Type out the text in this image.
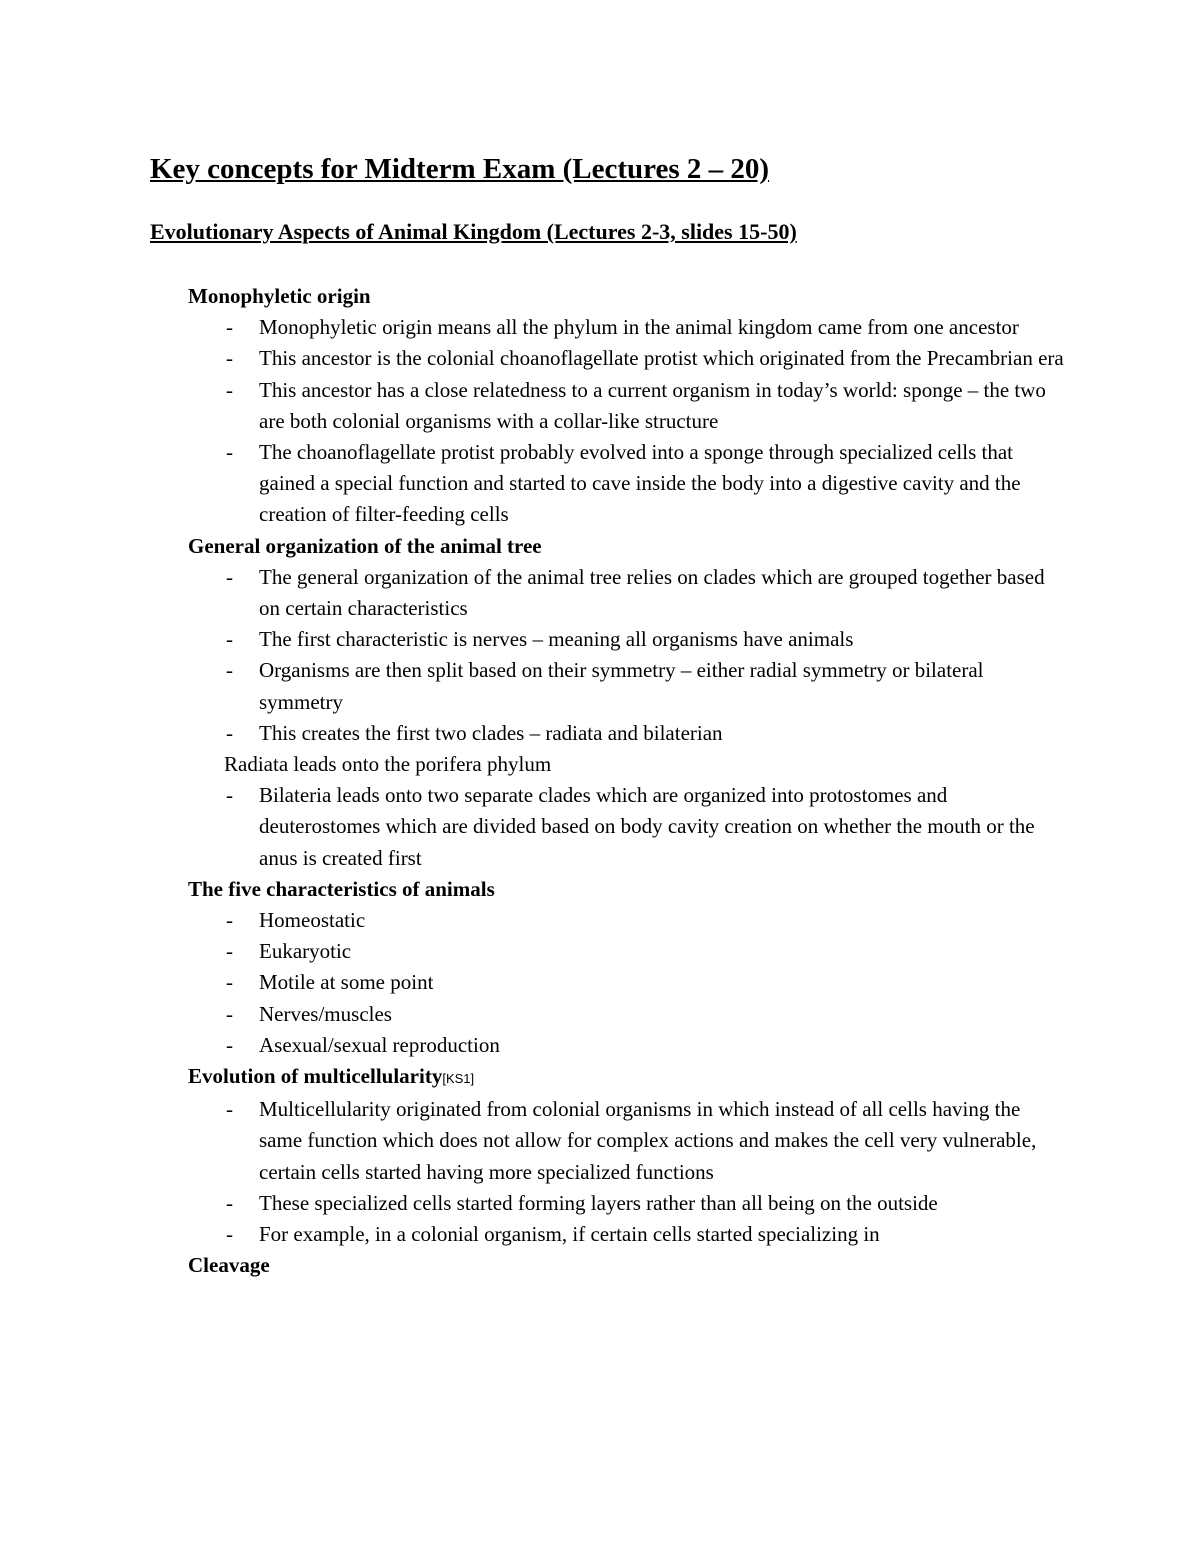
Key concepts for Midterm Exam (Lectures 2 – 20)
Evolutionary Aspects of Animal Kingdom (Lectures 2-3, slides 15-50)

Monophyletic origin

- Monophyletic origin means all the phylum in the animal kingdom came from one ancestor
- This ancestor is the colonial choanoflagellate protist which originated from the Precambrian era
- This ancestor has a close relatedness to a current organism in today’s world: sponge – the two are both colonial organisms with a collar-like structure
- The choanoflagellate protist probably evolved into a sponge through specialized cells that gained a special function and started to cave inside the body into a digestive cavity and the creation of filter-feeding cells

General organization of the animal tree

- The general organization of the animal tree relies on clades which are grouped together based on certain characteristics
- The first characteristic is nerves – meaning all organisms have animals
- Organisms are then split based on their symmetry – either radial symmetry or bilateral symmetry
- This creates the first two clades – radiata and bilaterian

Radiata leads onto the porifera phylum

- Bilateria leads onto two separate clades which are organized into protostomes and deuterostomes which are divided based on body cavity creation on whether the mouth or the anus is created first

The five characteristics of animals

- Homeostatic
- Eukaryotic
- Motile at some point
- Nerves/muscles
- Asexual/sexual reproduction

Evolution of multicellularity[KS1]

- Multicellularity originated from colonial organisms in which instead of all cells having the same function which does not allow for complex actions and makes the cell very vulnerable, certain cells started having more specialized functions
- These specialized cells started forming layers rather than all being on the outside
- For example, in a colonial organism, if certain cells started specializing in

Cleavage
